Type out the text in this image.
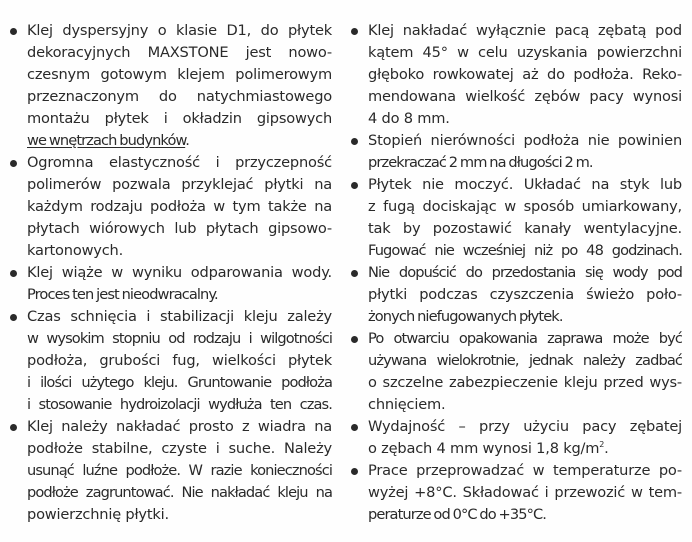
Klej dyspersyjny o klasie D1, do płytek
dekoracyjnych MAXSTONE jest nowo-
czesnym gotowym klejem polimerowym
przeznaczonym do natychmiastowego
montażu płytek i okładzin gipsowych
we wnętrzach budynków.
Ogromna elastyczność i przyczepność
polimerów pozwala przyklejać płytki na
każdym rodzaju podłoża w tym także na
płytach wiórowych lub płytach gipsowo-
kartonowych.
Klej wiąże w wyniku odparowania wody.
Proces ten jest nieodwracalny.
Czas schnięcia i stabilizacji kleju zależy
w wysokim stopniu od rodzaju i wilgotności
podłoża, grubości fug, wielkości płytek
i ilości użytego kleju. Gruntowanie podłoża
i stosowanie hydroizolacji wydłuża ten czas.
Klej należy nakładać prosto z wiadra na
podłoże stabilne, czyste i suche. Należy
usunąć luźne podłoże. W razie konieczności
podłoże zagruntować. Nie nakładać kleju na
powierzchnię płytki.
Klej nakładać wyłącznie pacą zębatą pod
kątem 45° w celu uzyskania powierzchni
głęboko rowkowatej aż do podłoża. Reko-
mendowana wielkość zębów pacy wynosi
4 do 8 mm.
Stopień nierówności podłoża nie powinien
przekraczać 2 mm na długości 2 m.
Płytek nie moczyć. Układać na styk lub
z fugą dociskając w sposób umiarkowany,
tak by pozostawić kanały wentylacyjne.
Fugować nie wcześniej niż po 48 godzinach.
Nie dopuścić do przedostania się wody pod
płytki podczas czyszczenia świeżo poło-
żonych niefugowanych płytek.
Po otwarciu opakowania zaprawa może być
używana wielokrotnie, jednak należy zadbać
o szczelne zabezpieczenie kleju przed wys-
chnięciem.
Wydajność – przy użyciu pacy zębatej
o zębach 4 mm wynosi 1,8 $kg/m^2$.
Prace przeprowadzać w temperaturze po-
wyżej +8°C. Składować i przewozić w tem-
peraturze od 0°C do +35°C.
